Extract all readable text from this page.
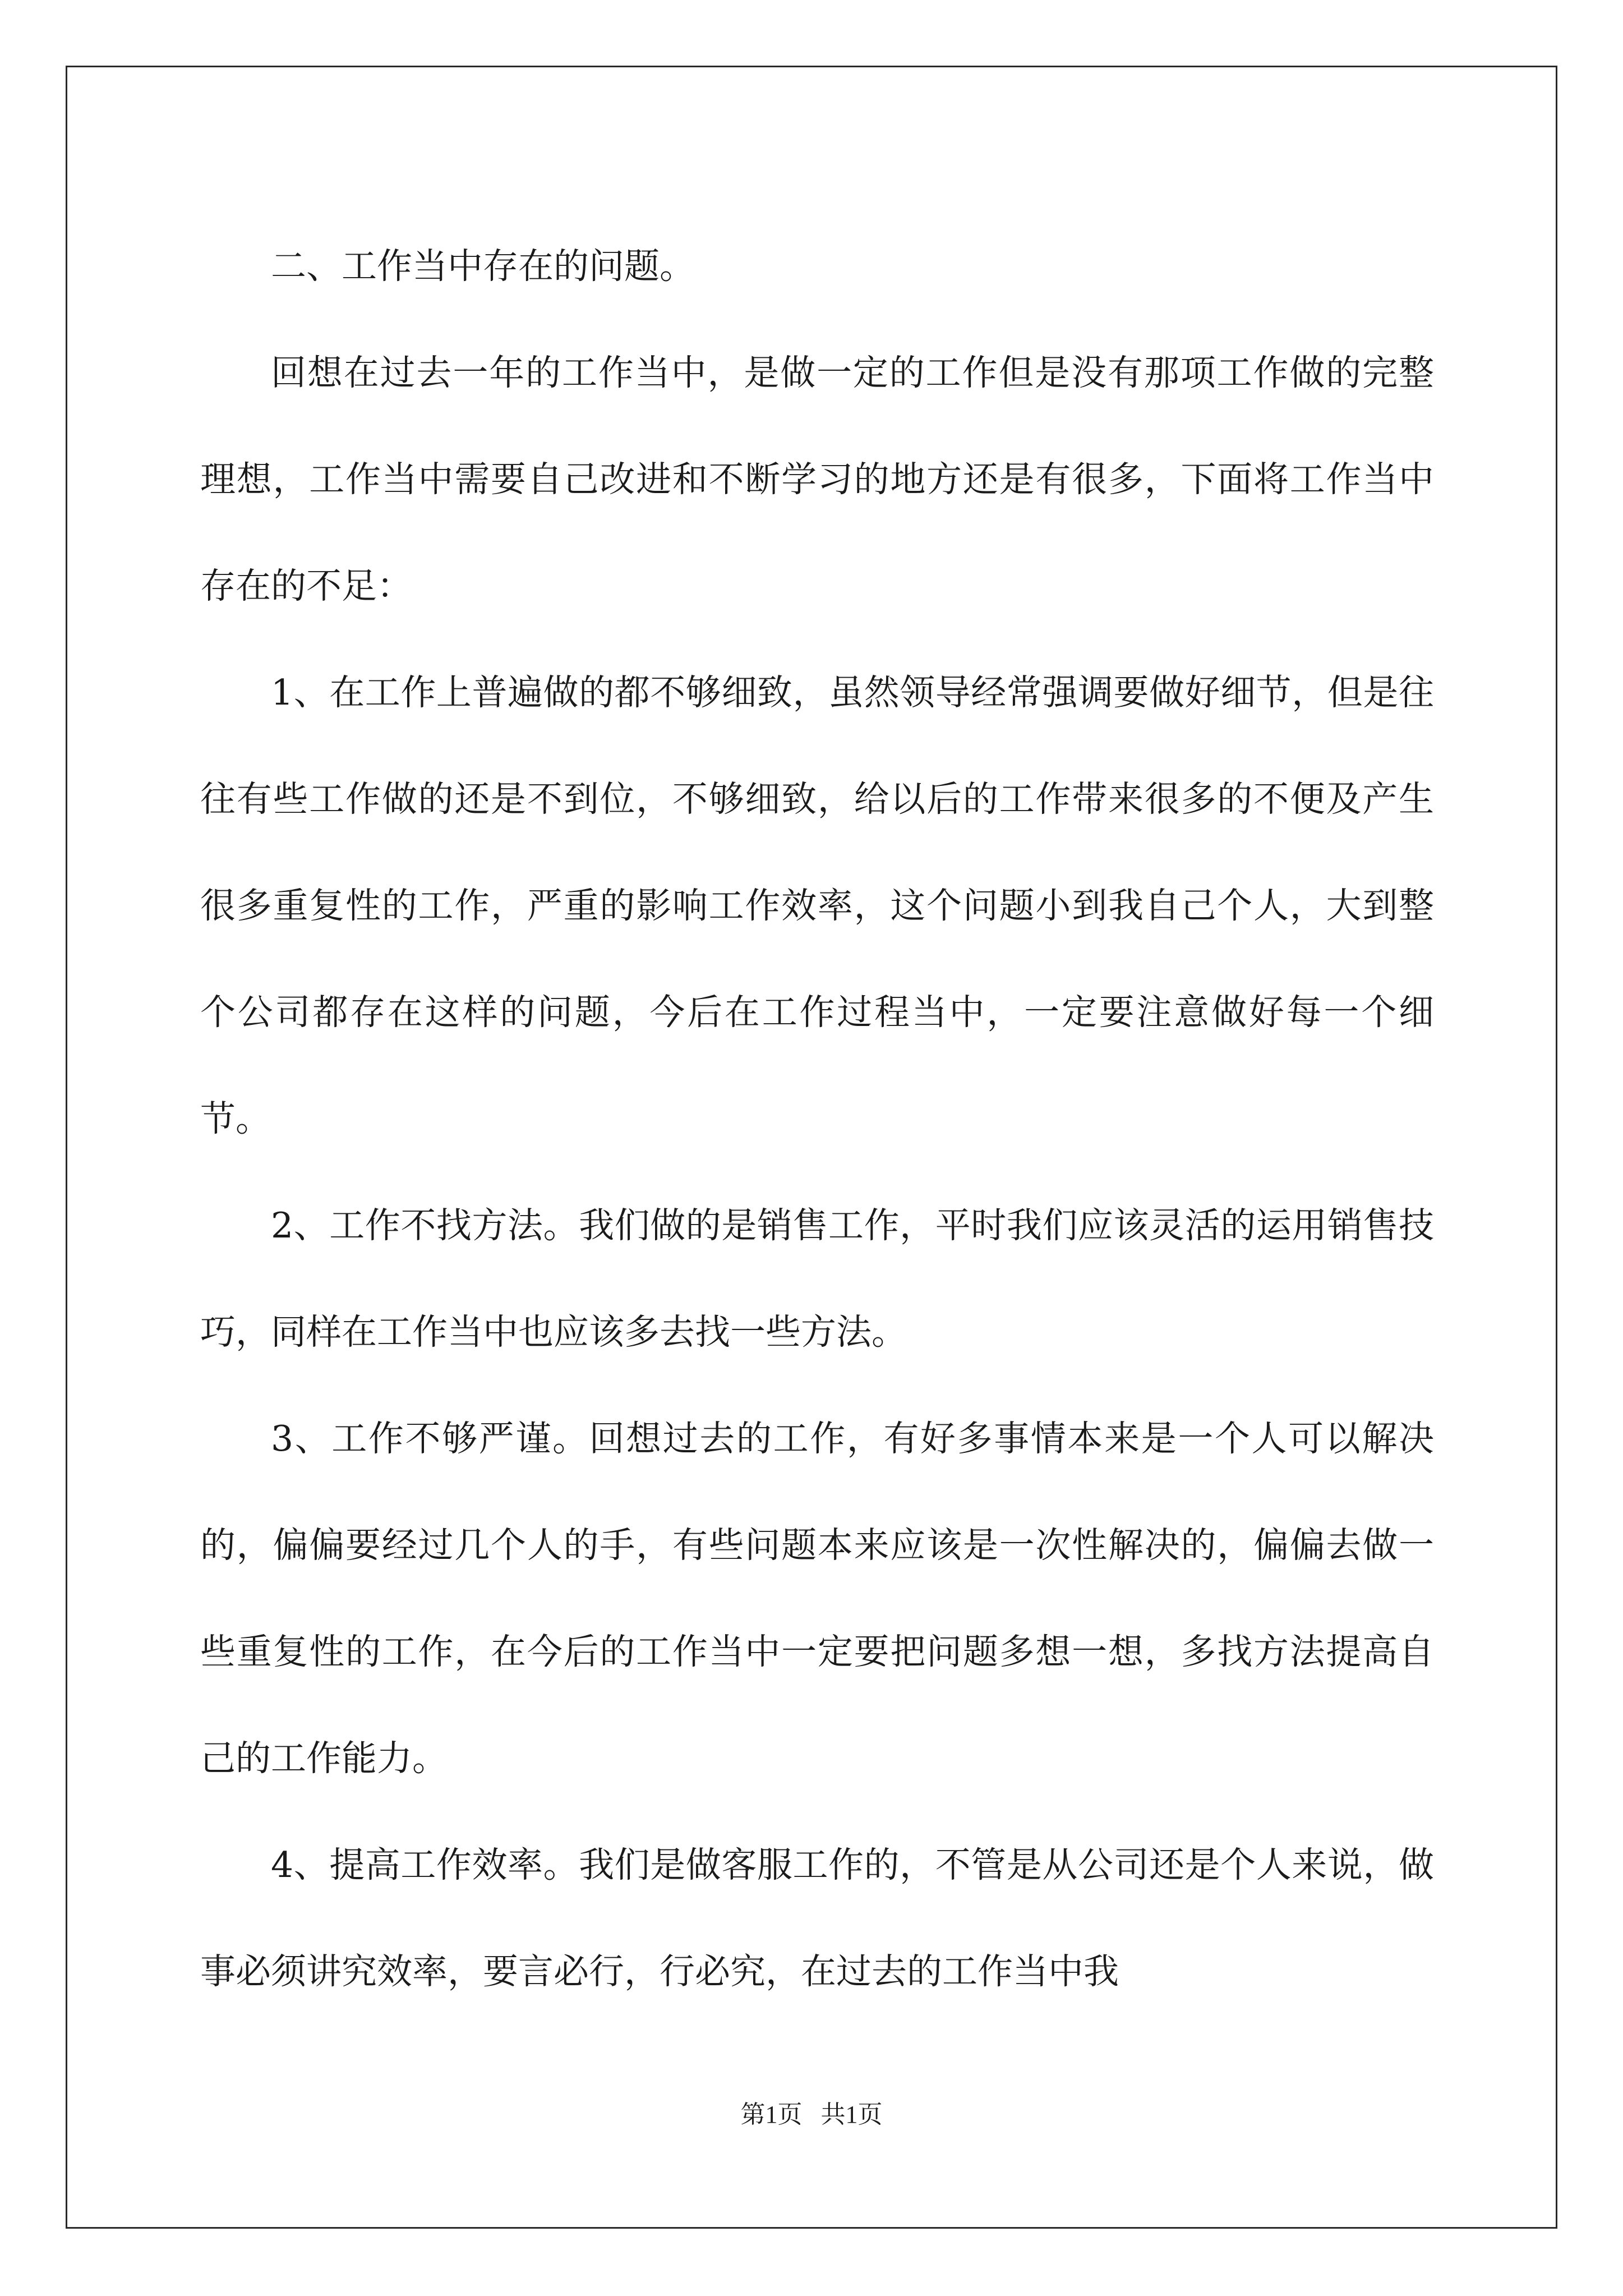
二、工作当中存在的问题。

回想在过去一年的工作当中，是做一定的工作但是没有那项工作做的完整理想，工作当中需要自己改进和不断学习的地方还是有很多，下面将工作当中存在的不足：

1、在工作上普遍做的都不够细致，虽然领导经常强调要做好细节，但是往往有些工作做的还是不到位，不够细致，给以后的工作带来很多的不便及产生很多重复性的工作，严重的影响工作效率，这个问题小到我自己个人，大到整个公司都存在这样的问题，今后在工作过程当中，一定要注意做好每一个细节。

2、工作不找方法。我们做的是销售工作，平时我们应该灵活的运用销售技巧，同样在工作当中也应该多去找一些方法。

3、工作不够严谨。回想过去的工作，有好多事情本来是一个人可以解决的，偏偏要经过几个人的手，有些问题本来应该是一次性解决的，偏偏去做一些重复性的工作，在今后的工作当中一定要把问题多想一想，多找方法提高自己的工作能力。

4、提高工作效率。我们是做客服工作的，不管是从公司还是个人来说，做事必须讲究效率，要言必行，行必究，在过去的工作当中我

第1页   共1页
